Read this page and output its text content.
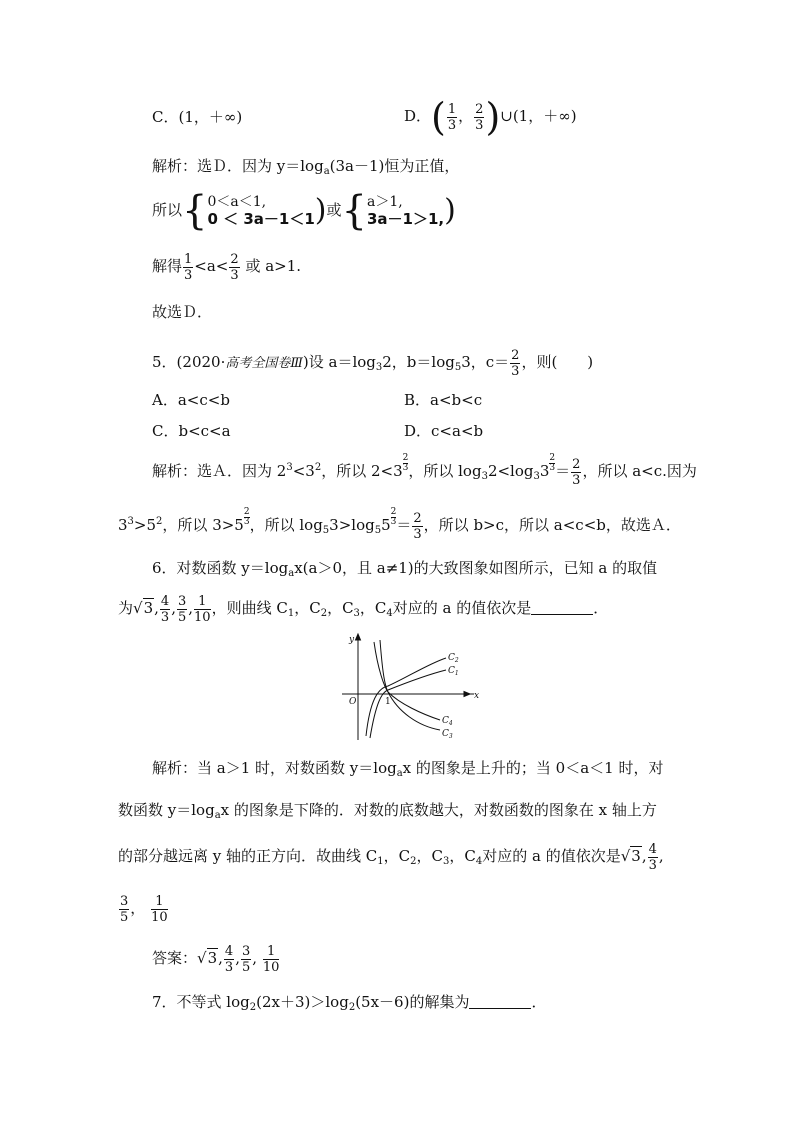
C．(1，＋∞)	D．( $\frac{1}{3}$ ， $\frac{2}{3}$ )∪(1，＋∞)
解析：选Ｄ．因为 $y=\log_a(3a-1)$恒为正值，
所以{ 0＜a＜1,
0 ＜ 3a－1＜1 )或{ a＞1,
3a－1＞1, )
解得 $\frac{1}{3} <a< \frac{2}{3}$ 或 a>1.
故选Ｄ．
5．(2020·高考全国卷Ⅲ)设 $a=\log_32$，$b=\log_53$，$c= \frac{2}{3}$ ，则(　　)
A．a<c<b	B．a<b<c
C．b<c<a	D．c<a<b
解析：选Ａ．因为 $2^3<3^2$，所以 $2<3 \frac{2}{3}$ ，所以 $\log_32<\log_33 \frac{2}{3} = \frac{2}{3}$ ，所以 a<c.因为
$3^3>5^2$，所以 $3>5 \frac{2}{3}$ ，所以 $\log_53>\log_55 \frac{2}{3} = \frac{2}{3}$ ，所以 b>c，所以 a<c<b，故选Ａ．
6．对数函数 $y=\log_ax(a>0$，且 a≠1)的大致图象如图所示，已知 a 的取值
为√3, $\frac{4}{3}$ , $\frac{3}{5}$ , $\frac{1}{10}$ ，则曲线 $C_1$，$C_2$，$C_3$，$C_4$对应的 a 的值依次是	．
y
x
O	1
$C_2$
$C_1$
$C_4$
$C_3$
解析：当 a＞1 时，对数函数 $y=\log_ax$ 的图象是上升的；当 0＜a＜1 时，对
数函数 $y=\log_ax$ 的图象是下降的．对数的底数越大，对数函数的图象在 x 轴上方
的部分越远离 y 轴的正方向．故曲线 $C_1$，$C_2$，$C_3$，$C_4$对应的 a 的值依次是√3, $\frac{4}{3}$ ,
$\frac{3}{5}$ ， $\frac{1}{10}$
答案：√3, $\frac{4}{3}$ , $\frac{3}{5}$ , $\frac{1}{10}$
7．不等式 $\log_2(2x+3)>\log_2(5x-6)$的解集为	．
